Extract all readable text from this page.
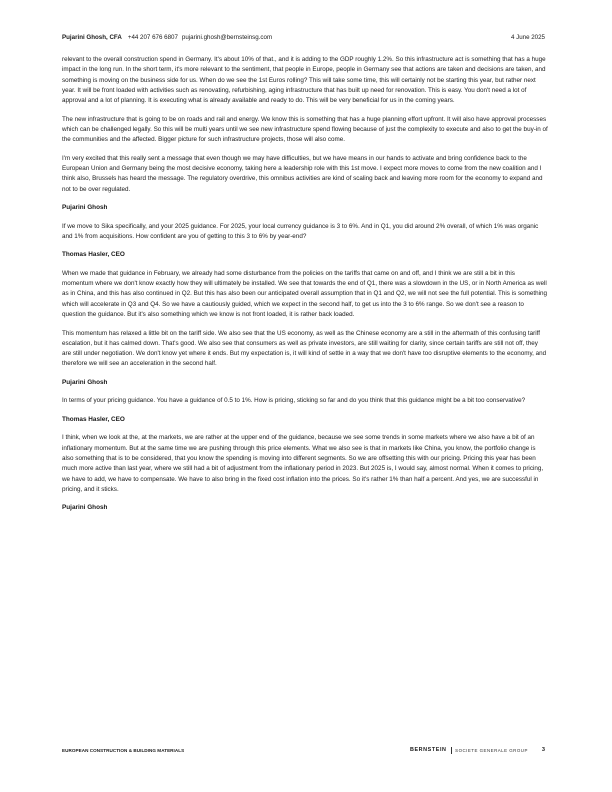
Pujarini Ghosh, CFA +44 207 676 6807 pujarini.ghosh@bernsteinsg.com	4 June 2025

relevant to the overall construction spend in Germany. It's about 10% of that., and it is adding to the GDP roughly 1.2%. So this infrastructure act is something that has a huge impact in the long run. In the short term, it's more relevant to the sentiment, that people in Europe, people in Germany see that actions are taken and decisions are taken, and something is moving on the business side for us. When do we see the 1st Euros rolling? This will take some time, this will certainly not be starting this year, but rather next year. It will be front loaded with activities such as renovating, refurbishing, aging infrastructure that has built up need for renovation. This is easy. You don't need a lot of approval and a lot of planning. It is executing what is already available and ready to do. This will be very beneficial for us in the coming years.

The new infrastructure that is going to be on roads and rail and energy. We know this is something that has a huge planning effort upfront. It will also have approval processes which can be challenged legally. So this will be multi years until we see new infrastructure spend flowing because of just the complexity to execute and also to get the buy-in of the communities and the affected. Bigger picture for such infrastructure projects, those will also come.

I'm very excited that this really sent a message that even though we may have difficulties, but we have means in our hands to activate and bring confidence back to the European Union and Germany being the most decisive economy, taking here a leadership role with this 1st move. I expect more moves to come from the new coalition and I think also, Brussels has heard the message. The regulatory overdrive, this omnibus activities are kind of scaling back and leaving more room for the economy to expand and not to be over regulated.

Pujarini Ghosh

If we move to Sika specifically, and your 2025 guidance. For 2025, your local currency guidance is 3 to 6%. And in Q1, you did around 2% overall, of which 1% was organic and 1% from acquisitions. How confident are you of getting to this 3 to 6% by year-end?

Thomas Hasler, CEO

When we made that guidance in February, we already had some disturbance from the policies on the tariffs that came on and off, and I think we are still a bit in this momentum where we don't know exactly how they will ultimately be installed. We see that towards the end of Q1, there was a slowdown in the US, or in North America as well as in China, and this has also continued in Q2. But this has also been our anticipated overall assumption that in Q1 and Q2, we will not see the full potential. This is something which will accelerate in Q3 and Q4. So we have a cautiously guided, which we expect in the second half, to get us into the 3 to 6% range. So we don't see a reason to question the guidance. But it's also something which we know is not front loaded, it is rather back loaded.

This momentum has relaxed a little bit on the tariff side. We also see that the US economy, as well as the Chinese economy are a still in the aftermath of this confusing tariff escalation, but it has calmed down. That's good. We also see that consumers as well as private investors, are still waiting for clarity, since certain tariffs are still not off, they are still under negotiation. We don't know yet where it ends. But my expectation is, it will kind of settle in a way that we don't have too disruptive elements to the economy, and therefore we will see an acceleration in the second half.

Pujarini Ghosh

In terms of your pricing guidance. You have a guidance of 0.5 to 1%. How is pricing, sticking so far and do you think that this guidance might be a bit too conservative?

Thomas Hasler, CEO

I think, when we look at the, at the markets, we are rather at the upper end of the guidance, because we see some trends in some markets where we also have a bit of an inflationary momentum. But at the same time we are pushing through this price elements. What we also see is that in markets like China, you know, the portfolio change is also something that is to be considered, that you know the spending is moving into different segments. So we are offsetting this with our pricing. Pricing this year has been much more active than last year, where we still had a bit of adjustment from the inflationary period in 2023. But 2025 is, I would say, almost normal. When it comes to pricing, we have to add, we have to compensate. We have to also bring in the fixed cost inflation into the prices. So it's rather 1% than half a percent. And yes, we are successful in pricing, and it sticks.

Pujarini Ghosh

EUROPEAN CONSTRUCTION & BUILDING MATERIALS	BERNSTEIN SOCIETE GENERALE GROUP	3
